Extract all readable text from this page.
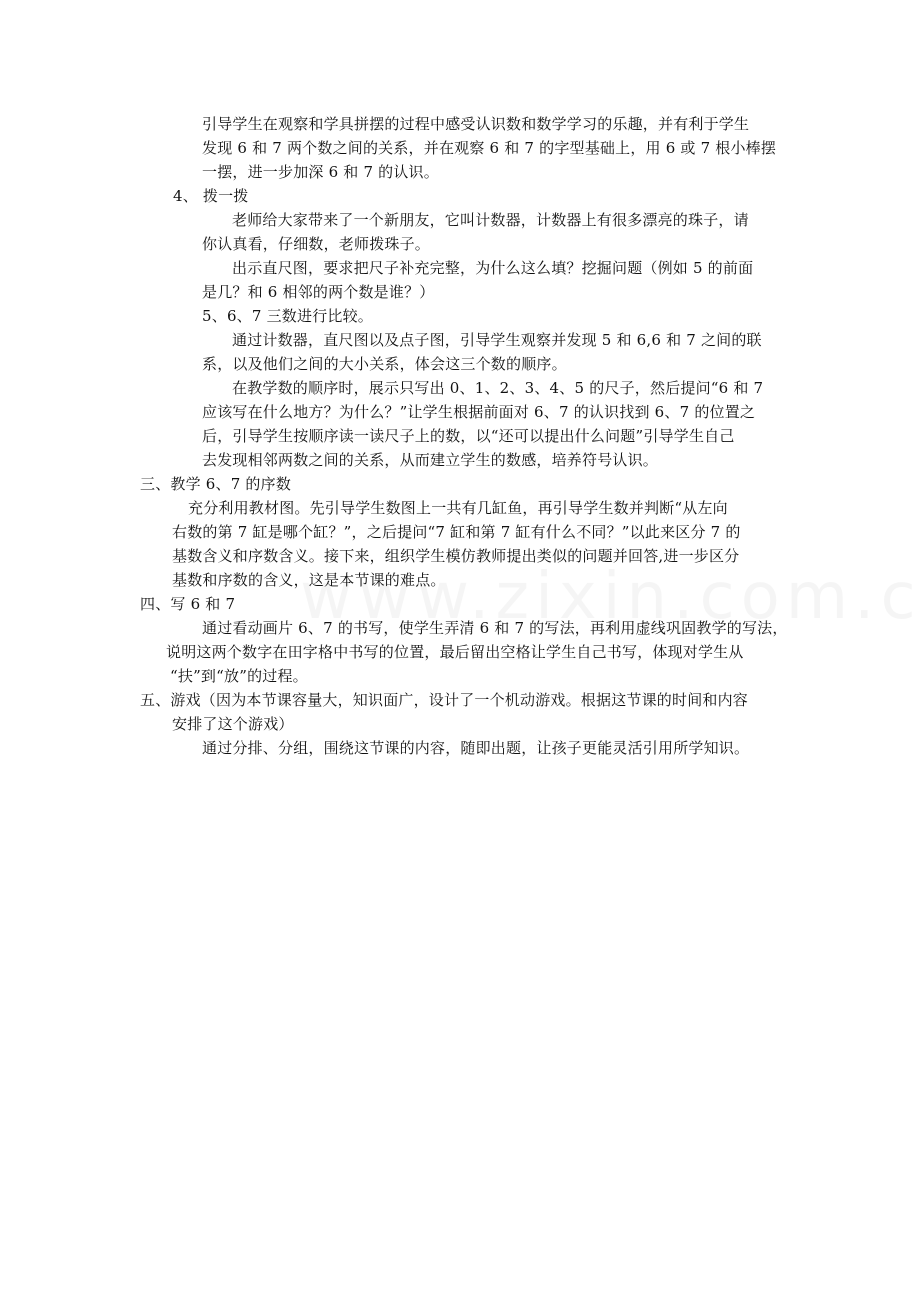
引导学生在观察和学具拼摆的过程中感受认识数和数学学习的乐趣，并有利于学生
发现 6 和 7 两个数之间的关系，并在观察 6 和 7 的字型基础上，用 6 或 7 根小棒摆
一摆，进一步加深 6 和 7 的认识。
4、 拨一拨
老师给大家带来了一个新朋友，它叫计数器，计数器上有很多漂亮的珠子，请
你认真看，仔细数，老师拨珠子。
出示直尺图，要求把尺子补充完整，为什么这么填？挖掘问题（例如 5 的前面
是几？和 6 相邻的两个数是谁？）
5、6、7 三数进行比较。
通过计数器，直尺图以及点子图，引导学生观察并发现 5 和 6,6 和 7 之间的联
系，以及他们之间的大小关系，体会这三个数的顺序。
在教学数的顺序时，展示只写出 0、1、2、3、4、5 的尺子，然后提问“6 和 7
应该写在什么地方？为什么？”让学生根据前面对 6、7 的认识找到 6、7 的位置之
后，引导学生按顺序读一读尺子上的数，以“还可以提出什么问题”引导学生自己
去发现相邻两数之间的关系，从而建立学生的数感，培养符号认识。
三、教学 6、7 的序数
充分利用教材图。先引导学生数图上一共有几缸鱼，再引导学生数并判断“从左向
右数的第 7 缸是哪个缸？”，之后提问“7 缸和第 7 缸有什么不同？”以此来区分 7 的
基数含义和序数含义。接下来，组织学生模仿教师提出类似的问题并回答,进一步区分
基数和序数的含义，这是本节课的难点。
四、写 6 和 7
通过看动画片 6、7 的书写，使学生弄清 6 和 7 的写法，再利用虚线巩固教学的写法，
说明这两个数字在田字格中书写的位置，最后留出空格让学生自己书写，体现对学生从
“扶”到“放”的过程。
五、游戏（因为本节课容量大，知识面广，设计了一个机动游戏。根据这节课的时间和内容
安排了这个游戏）
通过分排、分组，围绕这节课的内容，随即出题，让孩子更能灵活引用所学知识。
